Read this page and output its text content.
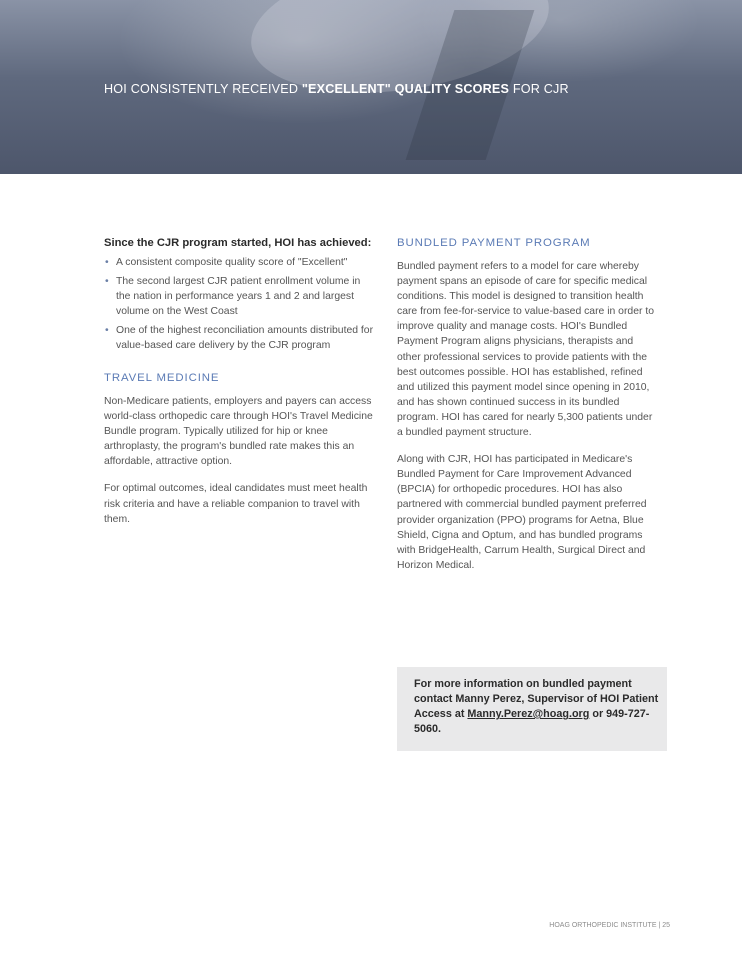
HOI CONSISTENTLY RECEIVED "EXCELLENT" QUALITY SCORES FOR CJR

Since the CJR program started, HOI has achieved:

• A consistent composite quality score of "Excellent"
• The second largest CJR patient enrollment volume in the nation in performance years 1 and 2 and largest volume on the West Coast
• One of the highest reconciliation amounts distributed for value-based care delivery by the CJR program
TRAVEL MEDICINE

Non-Medicare patients, employers and payers can access world-class orthopedic care through HOI's Travel Medicine Bundle program. Typically utilized for hip or knee arthroplasty, the program's bundled rate makes this an affordable, attractive option.

For optimal outcomes, ideal candidates must meet health risk criteria and have a reliable companion to travel with them.

BUNDLED PAYMENT PROGRAM

Bundled payment refers to a model for care whereby payment spans an episode of care for specific medical conditions. This model is designed to transition health care from fee-for-service to value-based care in order to improve quality and manage costs. HOI's Bundled Payment Program aligns physicians, therapists and other professional services to provide patients with the best outcomes possible. HOI has established, refined and utilized this payment model since opening in 2010, and has shown continued success in its bundled program. HOI has cared for nearly 5,300 patients under a bundled payment structure.

Along with CJR, HOI has participated in Medicare's Bundled Payment for Care Improvement Advanced (BPCIA) for orthopedic procedures. HOI has also partnered with commercial bundled payment preferred provider organization (PPO) programs for Aetna, Blue Shield, Cigna and Optum, and has bundled programs with BridgeHealth, Carrum Health, Surgical Direct and Horizon Medical.

For more information on bundled payment contact Manny Perez, Supervisor of HOI Patient Access at Manny.Perez@hoag.org or 949-727-5060.
HOAG ORTHOPEDIC INSTITUTE | 25
